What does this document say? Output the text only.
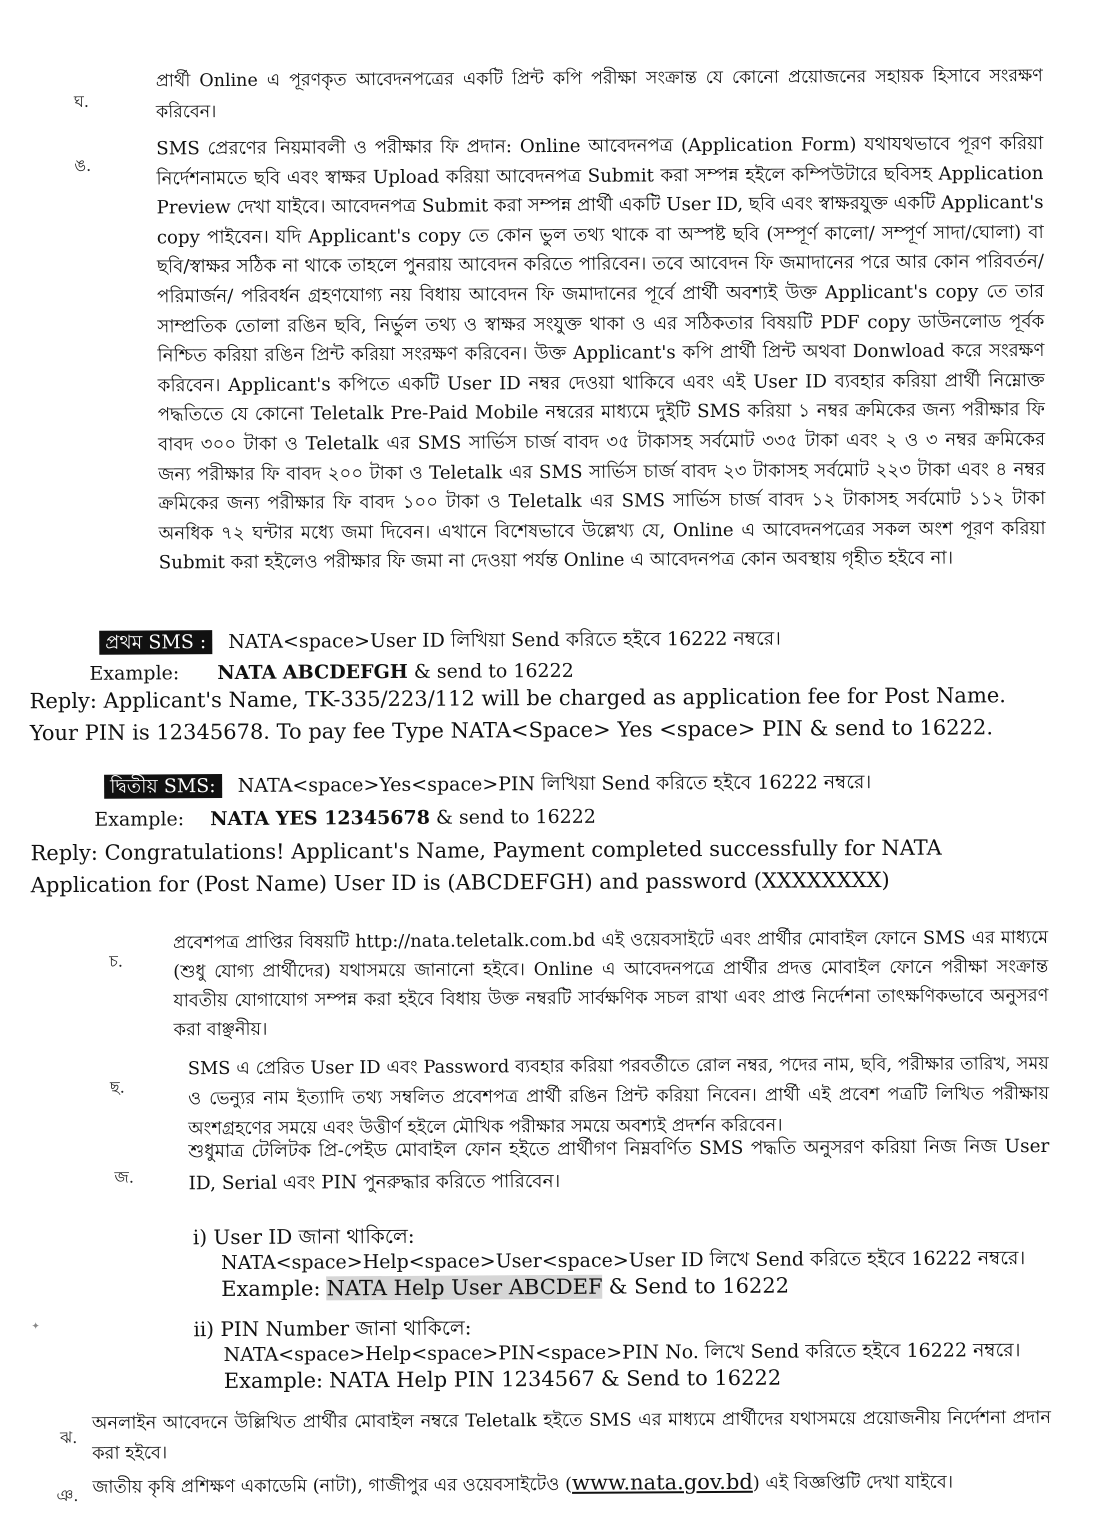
ঘ.
প্রার্থী Online এ পূরণকৃত আবেদনপত্রের একটি প্রিন্ট কপি পরীক্ষা সংক্রান্ত যে কোনো প্রয়োজনের সহায়ক হিসাবে সংরক্ষণ করিবেন।
ঙ.
SMS প্রেরণের নিয়মাবলী ও পরীক্ষার ফি প্রদান: Online আবেদনপত্র (Application Form) যথাযথভাবে পূরণ করিয়া নির্দেশনামতে ছবি এবং স্বাক্ষর Upload করিয়া আবেদনপত্র Submit করা সম্পন্ন হইলে কম্পিউটারে ছবিসহ Application Preview দেখা যাইবে। আবেদনপত্র Submit করা সম্পন্ন প্রার্থী একটি User ID, ছবি এবং স্বাক্ষরযুক্ত একটি Applicant's copy পাইবেন। যদি Applicant's copy তে কোন ভুল তথ্য থাকে বা অস্পষ্ট ছবি (সম্পূর্ণ কালো/ সম্পূর্ণ সাদা/ঘোলা) বা ছবি/স্বাক্ষর সঠিক না থাকে তাহলে পুনরায় আবেদন করিতে পারিবেন। তবে আবেদন ফি জমাদানের পরে আর কোন পরিবর্তন/পরিমার্জন/ পরিবর্ধন গ্রহণযোগ্য নয় বিধায় আবেদন ফি জমাদানের পূর্বে প্রার্থী অবশ্যই উক্ত Applicant's copy তে তার সাম্প্রতিক তোলা রঙিন ছবি, নির্ভুল তথ্য ও স্বাক্ষর সংযুক্ত থাকা ও এর সঠিকতার বিষয়টি PDF copy ডাউনলোড পূর্বক নিশ্চিত করিয়া রঙিন প্রিন্ট করিয়া সংরক্ষণ করিবেন। উক্ত Applicant's কপি প্রার্থী প্রিন্ট অথবা Donwload করে সংরক্ষণ করিবেন। Applicant's কপিতে একটি User ID নম্বর দেওয়া থাকিবে এবং এই User ID ব্যবহার করিয়া প্রার্থী নিম্নোক্ত পদ্ধতিতে যে কোনো Teletalk Pre-Paid Mobile নম্বরের মাধ্যমে দুইটি SMS করিয়া ১ নম্বর ক্রমিকের জন্য পরীক্ষার ফি বাবদ ৩০০ টাকা ও Teletalk এর SMS সার্ভিস চার্জ বাবদ ৩৫ টাকাসহ সর্বমোট ৩৩৫ টাকা এবং ২ ও ৩ নম্বর ক্রমিকের জন্য পরীক্ষার ফি বাবদ ২০০ টাকা ও Teletalk এর SMS সার্ভিস চার্জ বাবদ ২৩ টাকাসহ সর্বমোট ২২৩ টাকা এবং ৪ নম্বর ক্রমিকের জন্য পরীক্ষার ফি বাবদ ১০০ টাকা ও Teletalk এর SMS সার্ভিস চার্জ বাবদ ১২ টাকাসহ সর্বমোট ১১২ টাকা অনধিক ৭২ ঘন্টার মধ্যে জমা দিবেন। এখানে বিশেষভাবে উল্লেখ্য যে, Online এ আবেদনপত্রের সকল অংশ পূরণ করিয়া Submit করা হইলেও পরীক্ষার ফি জমা না দেওয়া পর্যন্ত Online এ আবেদনপত্র কোন অবস্থায় গৃহীত হইবে না।
প্রথম SMS : NATA<space>User ID লিখিয়া Send করিতে হইবে 16222 নম্বরে।
Example: NATA ABCDEFGH & send to 16222
Reply: Applicant's Name, TK-335/223/112 will be charged as application fee for Post Name. Your PIN is 12345678. To pay fee Type NATA<Space> Yes <space> PIN & send to 16222.
দ্বিতীয় SMS: NATA<space>Yes<space>PIN লিখিয়া Send করিতে হইবে 16222 নম্বরে।
Example: NATA YES 12345678 & send to 16222
Reply: Congratulations! Applicant's Name, Payment completed successfully for NATA Application for (Post Name) User ID is (ABCDEFGH) and password (XXXXXXXX)
চ.
প্রবেশপত্র প্রাপ্তির বিষয়টি http://nata.teletalk.com.bd এই ওয়েবসাইটে এবং প্রার্থীর মোবাইল ফোনে SMS এর মাধ্যমে (শুধু যোগ্য প্রার্থীদের) যথাসময়ে জানানো হইবে। Online এ আবেদনপত্রে প্রার্থীর প্রদত্ত মোবাইল ফোনে পরীক্ষা সংক্রান্ত যাবতীয় যোগাযোগ সম্পন্ন করা হইবে বিধায় উক্ত নম্বরটি সার্বক্ষণিক সচল রাখা এবং প্রাপ্ত নির্দেশনা তাৎক্ষণিকভাবে অনুসরণ করা বাঞ্ছনীয়।
ছ.
SMS এ প্রেরিত User ID এবং Password ব্যবহার করিয়া পরবর্তীতে রোল নম্বর, পদের নাম, ছবি, পরীক্ষার তারিখ, সময় ও ভেন্যুর নাম ইত্যাদি তথ্য সম্বলিত প্রবেশপত্র প্রার্থী রঙিন প্রিন্ট করিয়া নিবেন। প্রার্থী এই প্রবেশ পত্রটি লিখিত পরীক্ষায় অংশগ্রহণের সময়ে এবং উত্তীর্ণ হইলে মৌখিক পরীক্ষার সময়ে অবশ্যই প্রদর্শন করিবেন।
জ.
শুধুমাত্র টেলিটক প্রি-পেইড মোবাইল ফোন হইতে প্রার্থীগণ নিম্নবর্ণিত SMS পদ্ধতি অনুসরণ করিয়া নিজ নিজ User ID, Serial এবং PIN পুনরুদ্ধার করিতে পারিবেন।
i) User ID জানা থাকিলে:
NATA<space>Help<space>User<space>User ID লিখে Send করিতে হইবে 16222 নম্বরে।
Example: NATA Help User ABCDEF & Send to 16222
ii) PIN Number জানা থাকিলে:
NATA<space>Help<space>PIN<space>PIN No. লিখে Send করিতে হইবে 16222 নম্বরে।
Example: NATA Help PIN 1234567 & Send to 16222
ঝ.
অনলাইন আবেদনে উল্লিখিত প্রার্থীর মোবাইল নম্বরে Teletalk হইতে SMS এর মাধ্যমে প্রার্থীদের যথাসময়ে প্রয়োজনীয় নির্দেশনা প্রদান করা হইবে।
ঞ. জাতীয় কৃষি প্রশিক্ষণ একাডেমি (নাটা), গাজীপুর এর ওয়েবসাইটেও (www.nata.gov.bd) এই বিজ্ঞপ্তিটি দেখা যাইবে।
✦
